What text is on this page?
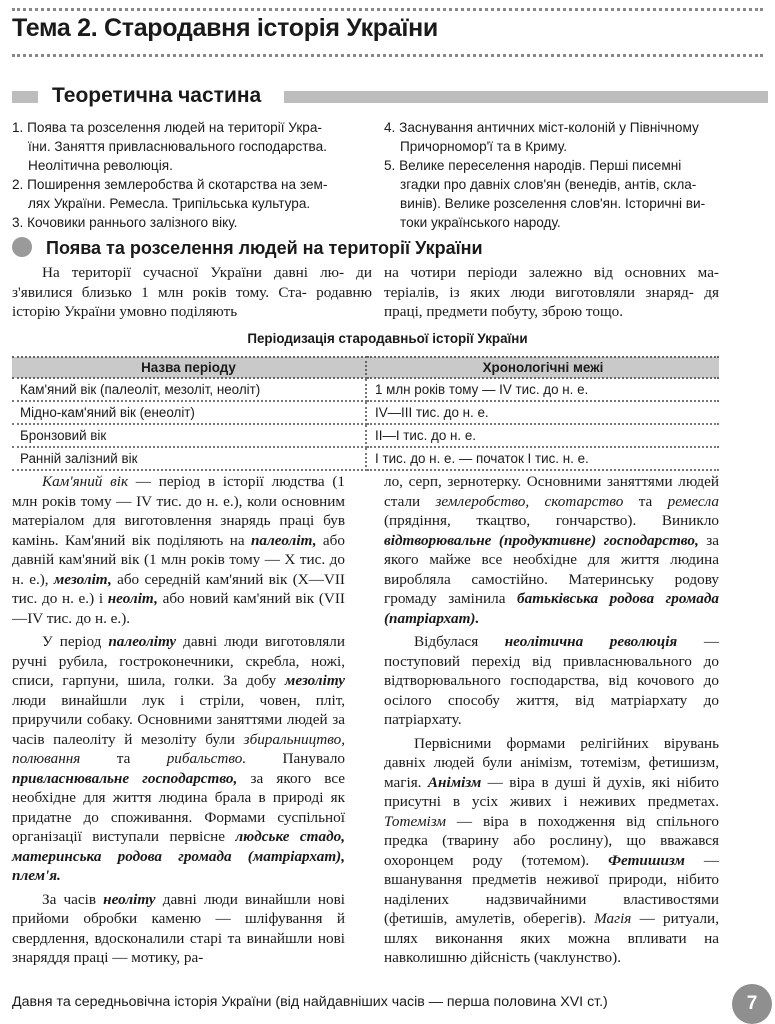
Тема 2. Стародавня історія України
Теоретична частина

1. Поява та розселення людей на території Укра-

їни. Заняття привласнювального господарства.

Неолітична революція.

2. Поширення землеробства й скотарства на зем-

лях України. Ремесла. Трипільська культура.

3. Кочовики раннього залізного віку.

4. Заснування античних міст-колоній у Північному

Причорномор'ї та в Криму.

5. Велике переселення народів. Перші писемні

згадки про давніх слов'ян (венедів, антів, скла-

винів). Велике розселення слов'ян. Історичні ви-

токи українського народу.

Поява та розселення людей на території України

На території сучасної України давні лю- ди з'явилися близько 1 млн років тому. Ста- родавню історію України умовно поділяють

на чотири періоди залежно від основних ма- теріалів, із яких люди виготовляли знаряд- дя праці, предмети побуту, зброю тощо.

Періодизація стародавньої історії України
Назва періоду	Хронологічні межі
Кам'яний вік (палеоліт, мезоліт, неоліт)	1 млн років тому — IV тис. до н. е.
Мідно-кам'яний вік (енеоліт)	IV—III тис. до н. е.
Бронзовий вік	II—I тис. до н. е.
Ранній залізний вік	I тис. до н. е. — початок I тис. н. е.

Кам'яний вік — період в історії людства (1 млн років тому — IV тис. до н. е.), коли основним матеріалом для виготовлення знарядь праці був камінь. Кам'яний вік поділяють на палеоліт, або давній кам'яний вік (1 млн років тому — X тис. до н. е.), мезоліт, або середній кам'яний вік (X—VII тис. до н. е.) і неоліт, або новий кам'яний вік (VII—IV тис. до н. е.).

У період палеоліту давні люди виготовляли ручні рубила, гостроконечники, скребла, ножі, списи, гарпуни, шила, голки. За добу мезоліту люди винайшли лук і стріли, човен, пліт, приручили собаку. Основними заняттями людей за часів палеоліту й мезоліту були збиральництво, полювання та рибальство. Панувало привласнювальне господарство, за якого все необхідне для життя людина брала в природі як придатне до споживання. Формами суспільної організації виступали первісне людське стадо, материнська родова громада (матріархат), плем'я.

За часів неоліту давні люди винайшли нові прийоми обробки каменю — шліфування й свердлення, вдосконалили старі та винайшли нові знаряддя праці — мотику, ра-

ло, серп, зернотерку. Основними заняттями людей стали землеробство, скотарство та ремесла (прядіння, ткацтво, гончарство). Виникло відтворювальне (продуктивне) господарство, за якого майже все необхідне для життя людина виробляла самостійно. Материнську родову громаду замінила батьківська родова громада (патріархат).

Відбулася неолітична революція — поступовий перехід від привласнювального до відтворювального господарства, від кочового до осілого способу життя, від матріархату до патріархату.

Первісними формами релігійних вірувань давніх людей були анімізм, тотемізм, фетишизм, магія. Анімізм — віра в душі й духів, які нібито присутні в усіх живих і неживих предметах. Тотемізм — віра в походження від спільного предка (тварину або рослину), що вважався охоронцем роду (тотемом). Фетишизм — вшанування предметів неживої природи, нібито наділених надзвичайними властивостями (фетишів, амулетів, оберегів). Магія — ритуали, шлях виконання яких можна впливати на навколишню дійсність (чаклунство).

Давня та середньовічна історія України (від найдавніших часів — перша половина XVI ст.)	7
